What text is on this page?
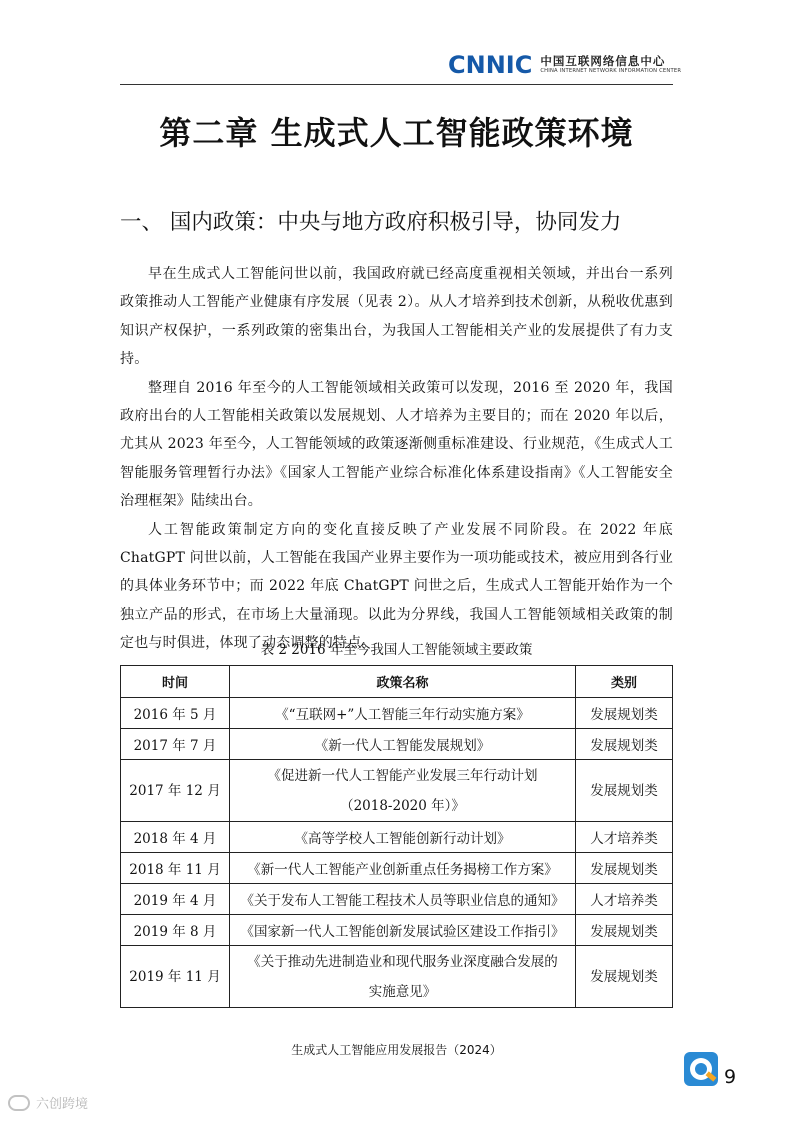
CNNIC 中国互联网络信息中心
CHINA INTERNET NETWORK INFORMATION CENTER
第二章 生成式人工智能政策环境
一、 国内政策：中央与地方政府积极引导，协同发力

早在生成式人工智能问世以前，我国政府就已经高度重视相关领域，并出台一系列政策推动人工智能产业健康有序发展（见表 2）。从人才培养到技术创新，从税收优惠到知识产权保护，一系列政策的密集出台，为我国人工智能相关产业的发展提供了有力支持。

整理自 2016 年至今的人工智能领域相关政策可以发现，2016 至 2020 年，我国政府出台的人工智能相关政策以发展规划、人才培养为主要目的；而在 2020 年以后，尤其从 2023 年至今，人工智能领域的政策逐渐侧重标准建设、行业规范，《生成式人工智能服务管理暂行办法》《国家人工智能产业综合标准化体系建设指南》《人工智能安全治理框架》陆续出台。

人工智能政策制定方向的变化直接反映了产业发展不同阶段。在 2022 年底 ChatGPT 问世以前，人工智能在我国产业界主要作为一项功能或技术，被应用到各行业的具体业务环节中；而 2022 年底 ChatGPT 问世之后，生成式人工智能开始作为一个独立产品的形式，在市场上大量涌现。以此为分界线，我国人工智能领域相关政策的制定也与时俱进，体现了动态调整的特点。

表 2 2016 年至今我国人工智能领域主要政策
时间	政策名称	类别
2016 年 5 月	《“互联网+”人工智能三年行动实施方案》	发展规划类
2017 年 7 月	《新一代人工智能发展规划》	发展规划类
2017 年 12 月	《促进新一代人工智能产业发展三年行动计划（2018-2020 年）》	发展规划类
2018 年 4 月	《高等学校人工智能创新行动计划》	人才培养类
2018 年 11 月	《新一代人工智能产业创新重点任务揭榜工作方案》	发展规划类
2019 年 4 月	《关于发布人工智能工程技术人员等职业信息的通知》	人才培养类
2019 年 8 月	《国家新一代人工智能创新发展试验区建设工作指引》	发展规划类
2019 年 11 月	《关于推动先进制造业和现代服务业深度融合发展的实施意见》	发展规划类
生成式人工智能应用发展报告（2024）
9
六创跨境
